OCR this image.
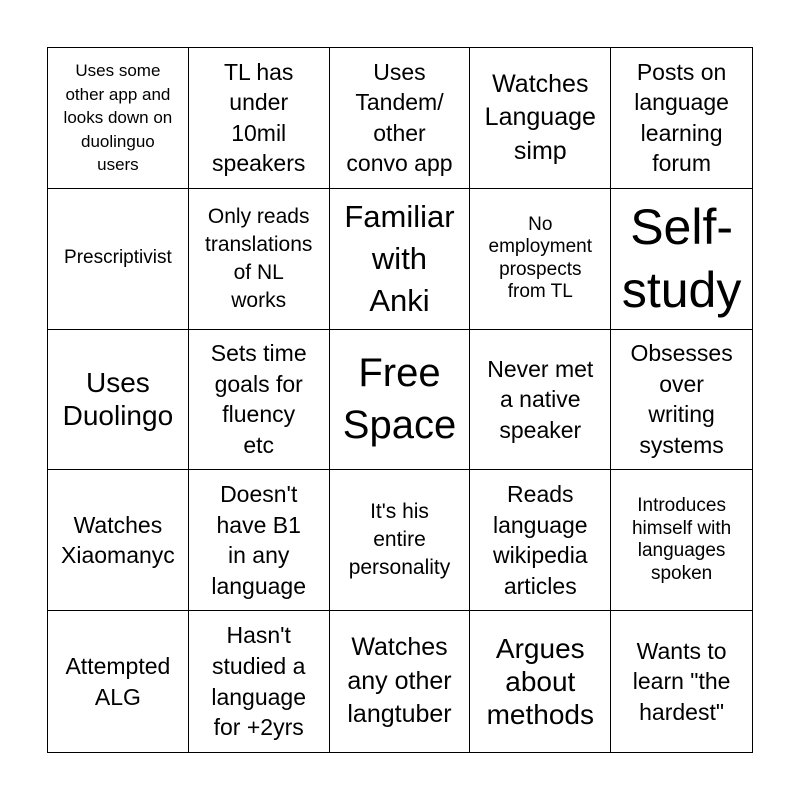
Uses some
other app and
looks down on
duolinguo
users
TL has
under
10mil
speakers
Uses
Tandem/
other
convo app
Watches
Language
simp
Posts on
language
learning
forum
Prescriptivist
Only reads
translations
of NL
works
Familiar
with
Anki
No
employment
prospects
from TL
Self-
study
Uses
Duolingo
Sets time
goals for
fluency
etc
Free
Space
Never met
a native
speaker
Obsesses
over
writing
systems
Watches
Xiaomanyc
Doesn't
have B1
in any
language
It's his
entire
personality
Reads
language
wikipedia
articles
Introduces
himself with
languages
spoken
Attempted
ALG
Hasn't
studied a
language
for +2yrs
Watches
any other
langtuber
Argues
about
methods
Wants to
learn "the
hardest"
